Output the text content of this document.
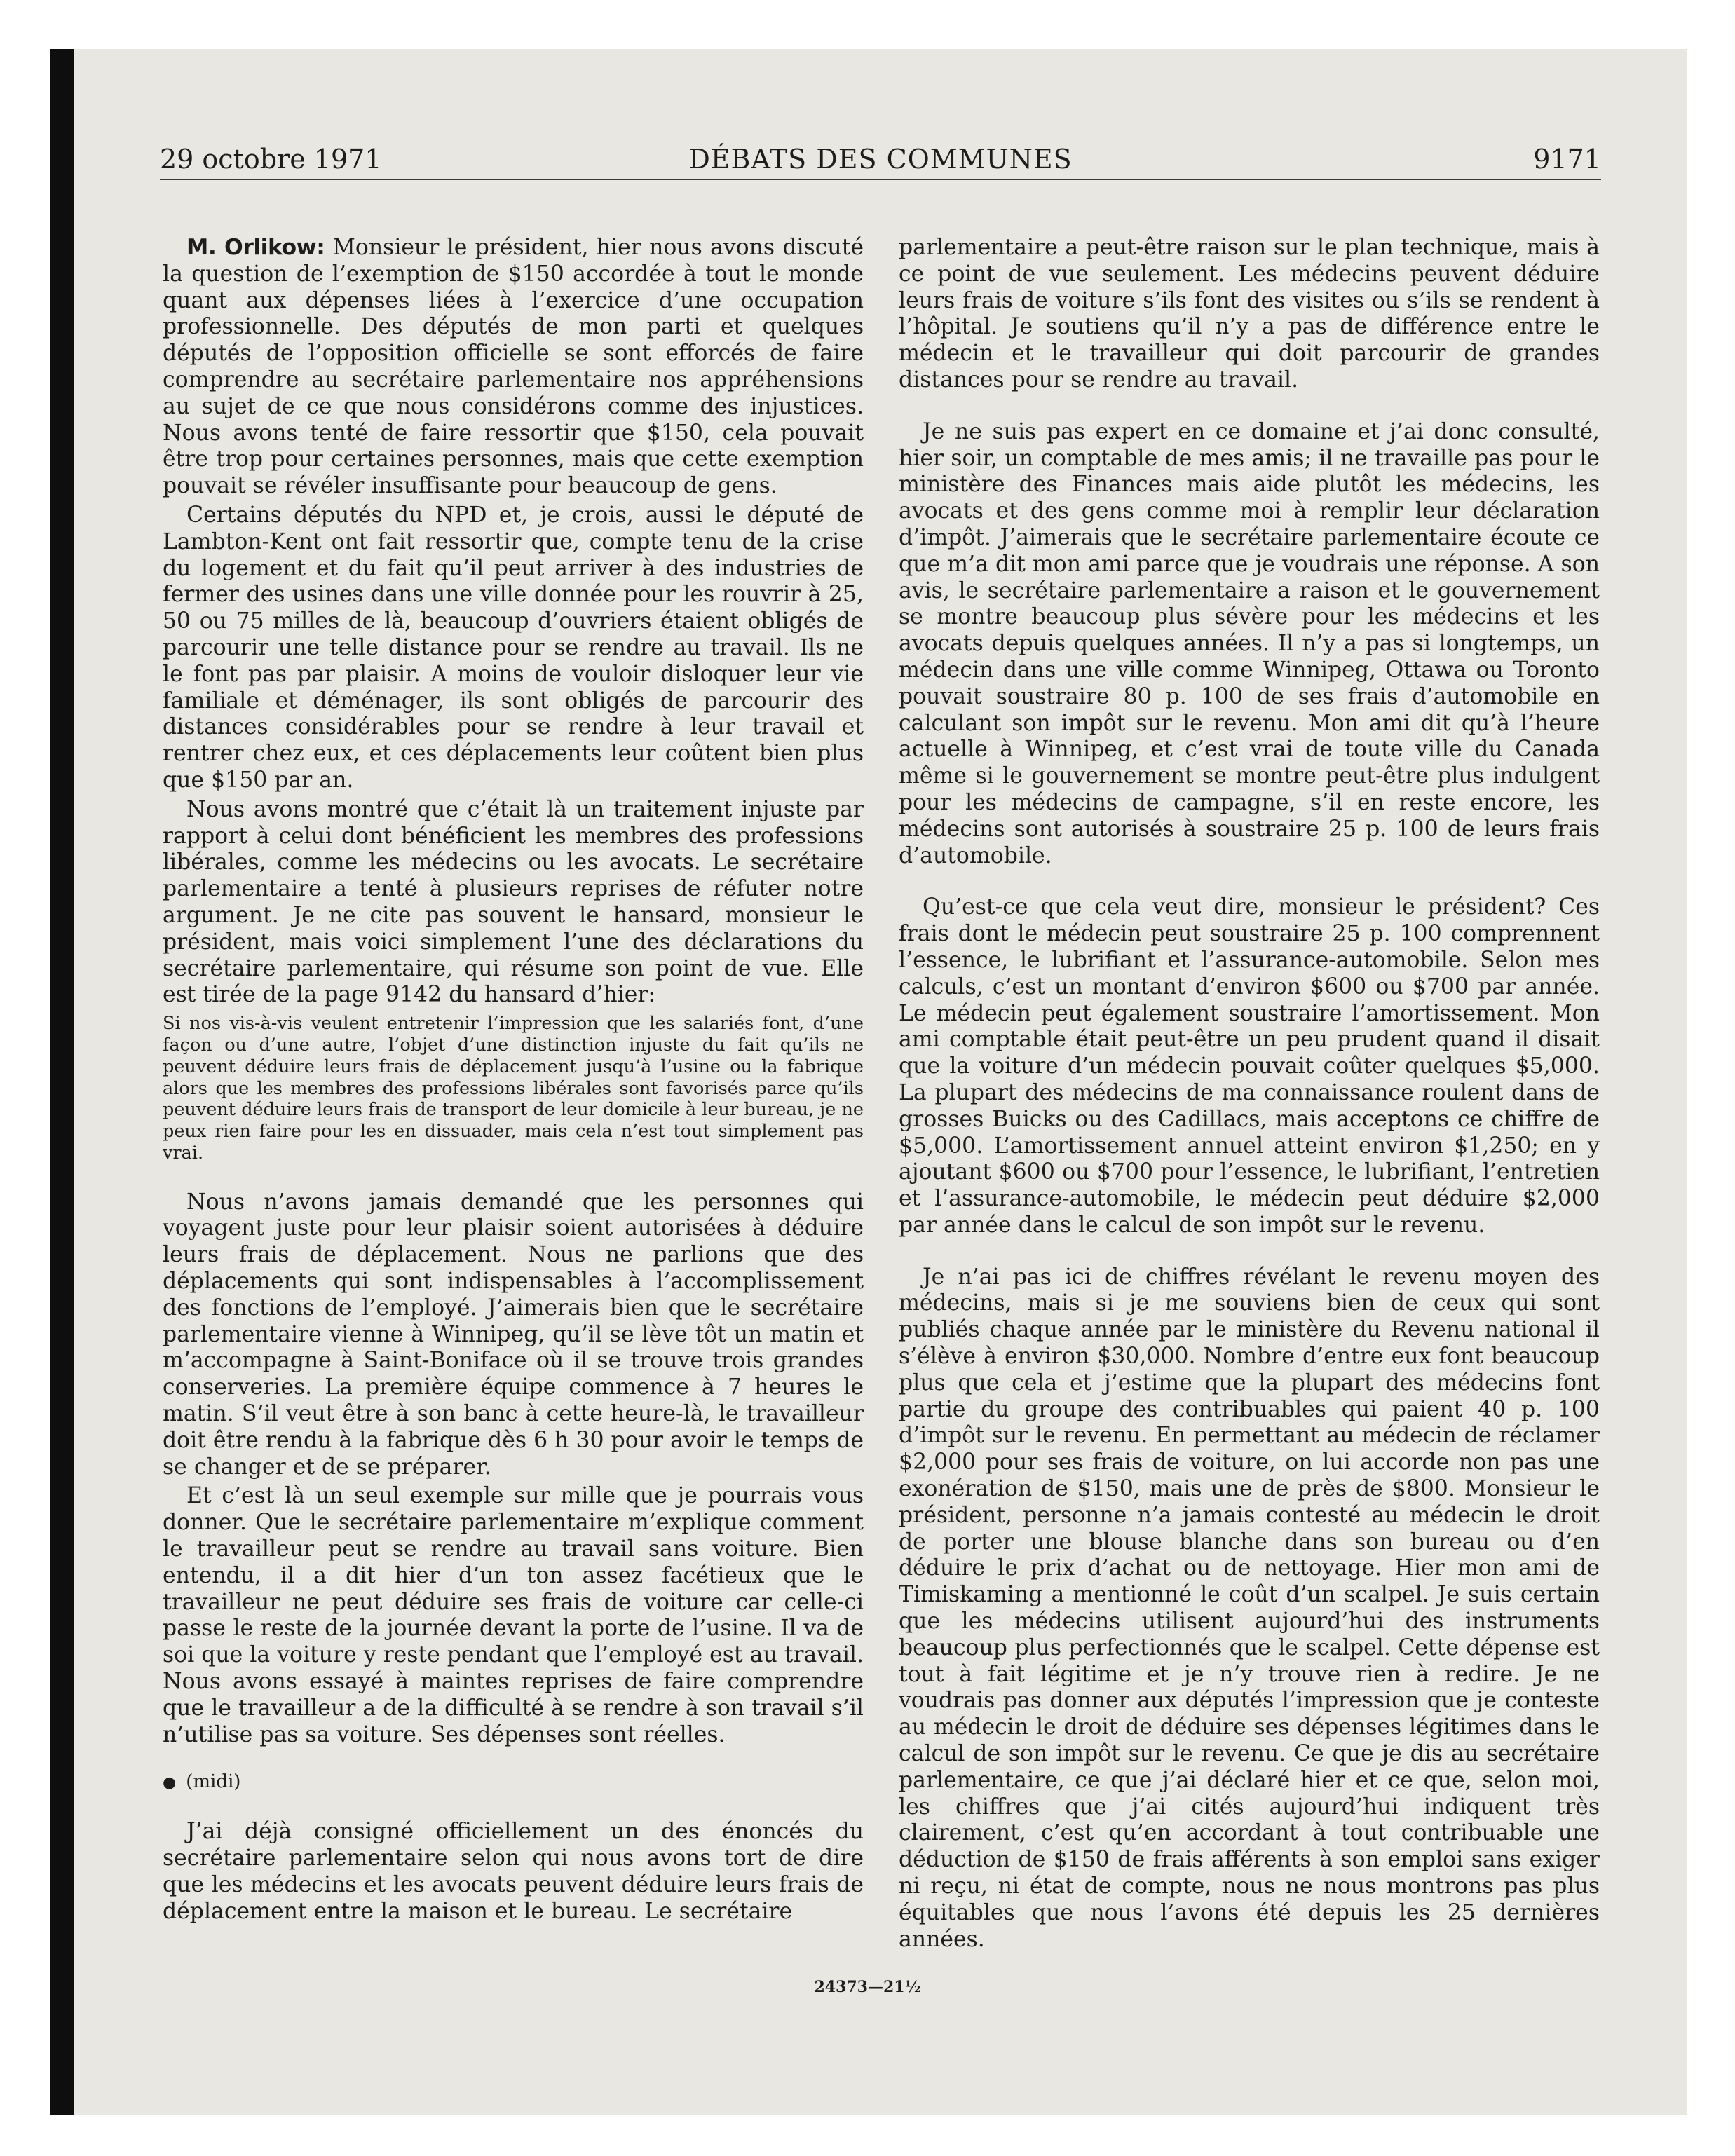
29 octobre 1971	DÉBATS DES COMMUNES	9171

M. Orlikow: Monsieur le président, hier nous avons discuté la question de l’exemption de $150 accordée à tout le monde quant aux dépenses liées à l’exercice d’une occupation professionnelle. Des députés de mon parti et quelques députés de l’opposition officielle se sont efforcés de faire comprendre au secrétaire parlementaire nos appréhensions au sujet de ce que nous considérons comme des injustices. Nous avons tenté de faire ressortir que $150, cela pouvait être trop pour certaines personnes, mais que cette exemption pouvait se révéler insuffisante pour beaucoup de gens.

Certains députés du NPD et, je crois, aussi le député de Lambton-Kent ont fait ressortir que, compte tenu de la crise du logement et du fait qu’il peut arriver à des industries de fermer des usines dans une ville donnée pour les rouvrir à 25, 50 ou 75 milles de là, beaucoup d’ouvriers étaient obligés de parcourir une telle distance pour se rendre au travail. Ils ne le font pas par plaisir. A moins de vouloir disloquer leur vie familiale et déménager, ils sont obligés de parcourir des distances considérables pour se rendre à leur travail et rentrer chez eux, et ces déplacements leur coûtent bien plus que $150 par an.

Nous avons montré que c’était là un traitement injuste par rapport à celui dont bénéficient les membres des professions libérales, comme les médecins ou les avocats. Le secrétaire parlementaire a tenté à plusieurs reprises de réfuter notre argument. Je ne cite pas souvent le hansard, monsieur le président, mais voici simplement l’une des déclarations du secrétaire parlementaire, qui résume son point de vue. Elle est tirée de la page 9142 du hansard d’hier:

Si nos vis-à-vis veulent entretenir l’impression que les salariés font, d’une façon ou d’une autre, l’objet d’une distinction injuste du fait qu’ils ne peuvent déduire leurs frais de déplacement jusqu’à l’usine ou la fabrique alors que les membres des professions libérales sont favorisés parce qu’ils peuvent déduire leurs frais de transport de leur domicile à leur bureau, je ne peux rien faire pour les en dissuader, mais cela n’est tout simplement pas vrai.

Nous n’avons jamais demandé que les personnes qui voyagent juste pour leur plaisir soient autorisées à déduire leurs frais de déplacement. Nous ne parlions que des déplacements qui sont indispensables à l’accomplissement des fonctions de l’employé. J’aimerais bien que le secrétaire parlementaire vienne à Winnipeg, qu’il se lève tôt un matin et m’accompagne à Saint-Boniface où il se trouve trois grandes conserveries. La première équipe commence à 7 heures le matin. S’il veut être à son banc à cette heure-là, le travailleur doit être rendu à la fabrique dès 6 h 30 pour avoir le temps de se changer et de se préparer.

Et c’est là un seul exemple sur mille que je pourrais vous donner. Que le secrétaire parlementaire m’explique comment le travailleur peut se rendre au travail sans voiture. Bien entendu, il a dit hier d’un ton assez facétieux que le travailleur ne peut déduire ses frais de voiture car celle-ci passe le reste de la journée devant la porte de l’usine. Il va de soi que la voiture y reste pendant que l’employé est au travail. Nous avons essayé à maintes reprises de faire comprendre que le travailleur a de la difficulté à se rendre à son travail s’il n’utilise pas sa voiture. Ses dépenses sont réelles.

● (midi)

J’ai déjà consigné officiellement un des énoncés du secrétaire parlementaire selon qui nous avons tort de dire que les médecins et les avocats peuvent déduire leurs frais de déplacement entre la maison et le bureau. Le secrétaire

parlementaire a peut-être raison sur le plan technique, mais à ce point de vue seulement. Les médecins peuvent déduire leurs frais de voiture s’ils font des visites ou s’ils se rendent à l’hôpital. Je soutiens qu’il n’y a pas de différence entre le médecin et le travailleur qui doit parcourir de grandes distances pour se rendre au travail.

Je ne suis pas expert en ce domaine et j’ai donc consulté, hier soir, un comptable de mes amis; il ne travaille pas pour le ministère des Finances mais aide plutôt les médecins, les avocats et des gens comme moi à remplir leur déclaration d’impôt. J’aimerais que le secrétaire parlementaire écoute ce que m’a dit mon ami parce que je voudrais une réponse. A son avis, le secrétaire parlementaire a raison et le gouvernement se montre beaucoup plus sévère pour les médecins et les avocats depuis quelques années. Il n’y a pas si longtemps, un médecin dans une ville comme Winnipeg, Ottawa ou Toronto pouvait soustraire 80 p. 100 de ses frais d’automobile en calculant son impôt sur le revenu. Mon ami dit qu’à l’heure actuelle à Winnipeg, et c’est vrai de toute ville du Canada même si le gouvernement se montre peut-être plus indulgent pour les médecins de campagne, s’il en reste encore, les médecins sont autorisés à soustraire 25 p. 100 de leurs frais d’automobile.

Qu’est-ce que cela veut dire, monsieur le président? Ces frais dont le médecin peut soustraire 25 p. 100 comprennent l’essence, le lubrifiant et l’assurance-automobile. Selon mes calculs, c’est un montant d’environ $600 ou $700 par année. Le médecin peut également soustraire l’amortissement. Mon ami comptable était peut-être un peu prudent quand il disait que la voiture d’un médecin pouvait coûter quelques $5,000. La plupart des médecins de ma connaissance roulent dans de grosses Buicks ou des Cadillacs, mais acceptons ce chiffre de $5,000. L’amortissement annuel atteint environ $1,250; en y ajoutant $600 ou $700 pour l’essence, le lubrifiant, l’entretien et l’assurance-automobile, le médecin peut déduire $2,000 par année dans le calcul de son impôt sur le revenu.

Je n’ai pas ici de chiffres révélant le revenu moyen des médecins, mais si je me souviens bien de ceux qui sont publiés chaque année par le ministère du Revenu national il s’élève à environ $30,000. Nombre d’entre eux font beaucoup plus que cela et j’estime que la plupart des médecins font partie du groupe des contribuables qui paient 40 p. 100 d’impôt sur le revenu. En permettant au médecin de réclamer $2,000 pour ses frais de voiture, on lui accorde non pas une exonération de $150, mais une de près de $800. Monsieur le président, personne n’a jamais contesté au médecin le droit de porter une blouse blanche dans son bureau ou d’en déduire le prix d’achat ou de nettoyage. Hier mon ami de Timiskaming a mentionné le coût d’un scalpel. Je suis certain que les médecins utilisent aujourd’hui des instruments beaucoup plus perfectionnés que le scalpel. Cette dépense est tout à fait légitime et je n’y trouve rien à redire. Je ne voudrais pas donner aux députés l’impression que je conteste au médecin le droit de déduire ses dépenses légitimes dans le calcul de son impôt sur le revenu. Ce que je dis au secrétaire parlementaire, ce que j’ai déclaré hier et ce que, selon moi, les chiffres que j’ai cités aujourd’hui indiquent très clairement, c’est qu’en accordant à tout contribuable une déduction de $150 de frais afférents à son emploi sans exiger ni reçu, ni état de compte, nous ne nous montrons pas plus équitables que nous l’avons été depuis les 25 dernières années.

24373—21½
